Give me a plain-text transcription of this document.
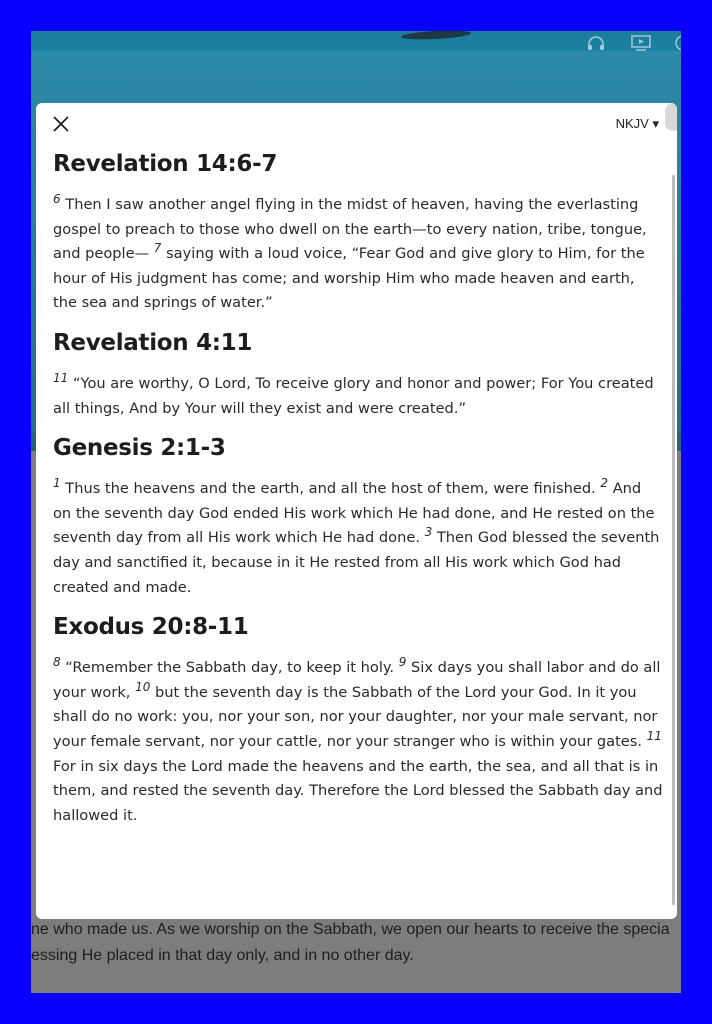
ne who made us. As we worship on the Sabbath, we open our hearts to receive the specia
essing He placed in that day only, and in no other day.
NKJV ▾
Revelation 14:6-7

$^6$ Then I saw another angel flying in the midst of heaven, having the everlasting gospel to preach to those who dwell on the earth—to every nation, tribe, tongue, and people— $^7$ saying with a loud voice, “Fear God and give glory to Him, for the hour of His judgment has come; and worship Him who made heaven and earth, the sea and springs of water.”

Revelation 4:11

$^{11}$ “You are worthy, O Lord, To receive glory and honor and power; For You created all things, And by Your will they exist and were created.”

Genesis 2:1-3

$^1$ Thus the heavens and the earth, and all the host of them, were finished. $^2$ And on the seventh day God ended His work which He had done, and He rested on the seventh day from all His work which He had done. $^3$ Then God blessed the seventh day and sanctified it, because in it He rested from all His work which God had created and made.

Exodus 20:8-11

$^8$ “Remember the Sabbath day, to keep it holy. $^9$ Six days you shall labor and do all your work, $^{10}$ but the seventh day is the Sabbath of the Lord your God. In it you shall do no work: you, nor your son, nor your daughter, nor your male servant, nor your female servant, nor your cattle, nor your stranger who is within your gates. $^{11}$ For in six days the Lord made the heavens and the earth, the sea, and all that is in them, and rested the seventh day. Therefore the Lord blessed the Sabbath day and hallowed it.
